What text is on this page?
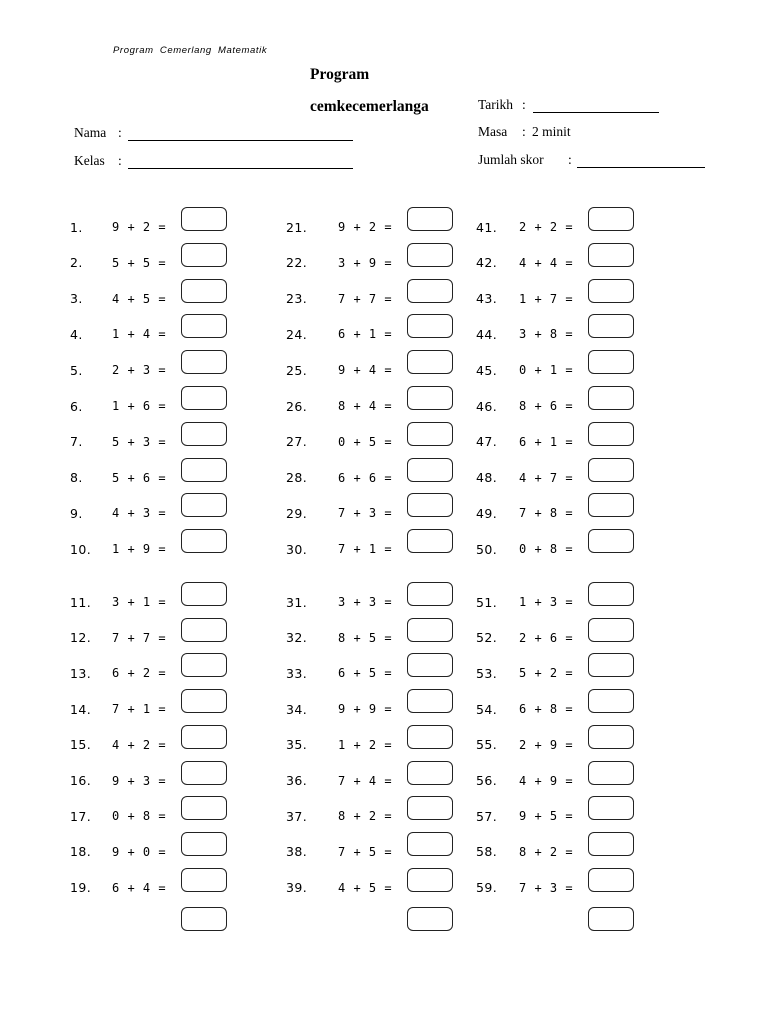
Program Cemerlang Matematik
Program
cemkecemerlanga
Nama :
Kelas :
Tarikh :
Masa	: 2 minit
Jumlah skor	:
1.	9 + 2 =
2.	5 + 5 =
3.	4 + 5 =
4.	1 + 4 =
5.	2 + 3 =
6.	1 + 6 =
7.	5 + 3 =
8.	5 + 6 =
9.	4 + 3 =
10.	1 + 9 =
11.	3 + 1 =
12.	7 + 7 =
13.	6 + 2 =
14.	7 + 1 =
15.	4 + 2 =
16.	9 + 3 =
17.	0 + 8 =
18.	9 + 0 =
19.	6 + 4 =
21.	9 + 2 =
22.	3 + 9 =
23.	7 + 7 =
24.	6 + 1 =
25.	9 + 4 =
26.	8 + 4 =
27.	0 + 5 =
28.	6 + 6 =
29.	7 + 3 =
30.	7 + 1 =
31.	3 + 3 =
32.	8 + 5 =
33.	6 + 5 =
34.	9 + 9 =
35.	1 + 2 =
36.	7 + 4 =
37.	8 + 2 =
38.	7 + 5 =
39.	4 + 5 =
41.	2 + 2 =
42.	4 + 4 =
43.	1 + 7 =
44.	3 + 8 =
45.	0 + 1 =
46.	8 + 6 =
47.	6 + 1 =
48.	4 + 7 =
49.	7 + 8 =
50.	0 + 8 =
51.	1 + 3 =
52.	2 + 6 =
53.	5 + 2 =
54.	6 + 8 =
55.	2 + 9 =
56.	4 + 9 =
57.	9 + 5 =
58.	8 + 2 =
59.	7 + 3 =
